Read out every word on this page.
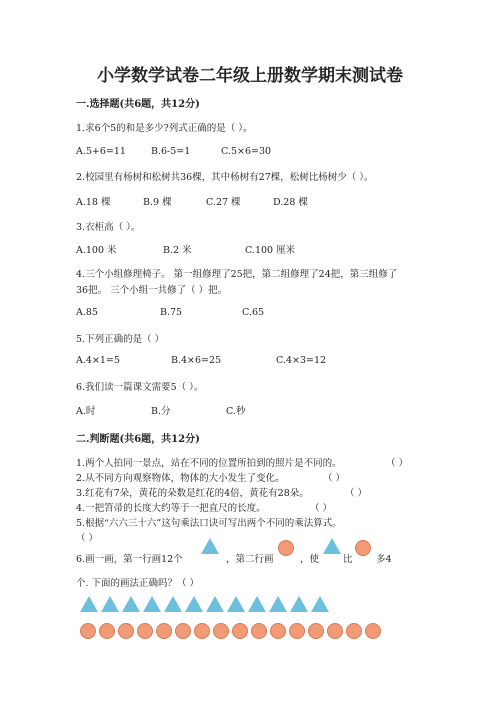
小学数学试卷二年级上册数学期末测试卷
一.选择题(共6题，共12分)
1.求6个5的和是多少?列式正确的是（ ）。
A.5+6=11	B.6-5=1	C.5×6=30
2.校园里有杨树和松树共36棵，其中杨树有27棵，松树比杨树少（ ）。
A.18 棵	B.9 棵	C.27 棵	D.28 棵
3.衣柜高（ ）。
A.100 米	B.2 米	C.100 厘米
4.三个小组修理椅子。 第一组修理了25把，第二组修理了24把，第三组修了
36把。 三个小组一共修了（ ）把。
A.85	B.75	C.65
5.下列正确的是（ ）
A.4×1=5	B.4×6=25	C.4×3=12
6.我们读一篇课文需要5（ ）。
A.时	B.分	C.秒
二.判断题(共6题，共12分)
1.两个人拍同一景点，站在不同的位置所拍到的照片是不同的。	（ ）
2.从不同方向观察物体，物体的大小发生了变化。	（ ）
3.红花有7朵，黄花的朵数是红花的4倍，黄花有28朵。	（ ）
4.一把笤帚的长度大约等于一把直尺的长度。	（ ）
5.根据“六六三十六”这句乘法口诀可写出两个不同的乘法算式。
（ ）
6.画一画，第一行画12个	，第二行画	，使	比 多4
个. 下面的画法正确吗？（ ）
